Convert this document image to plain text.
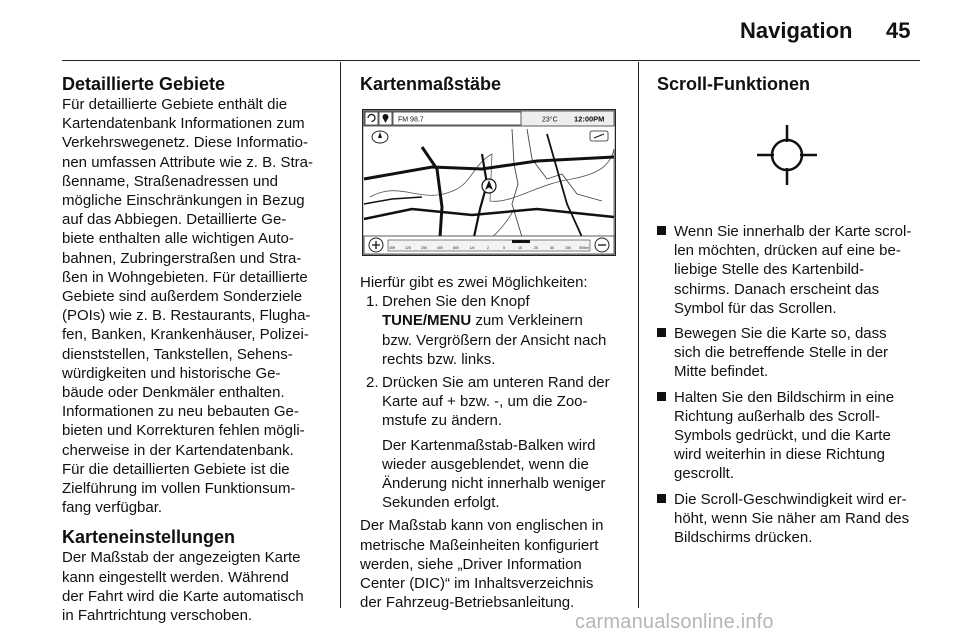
Navigation 45
Detaillierte Gebiete
Für detaillierte Gebiete enthält die
Kartendatenbank Informationen zum
Verkehrswegenetz. Diese Informatio-
nen umfassen Attribute wie z. B. Stra-
ßenname, Straßenadressen und
mögliche Einschränkungen in Bezug
auf das Abbiegen. Detaillierte Ge-
biete enthalten alle wichtigen Auto-
bahnen, Zubringerstraßen und Stra-
ßen in Wohngebieten. Für detaillierte
Gebiete sind außerdem Sonderziele
(POIs) wie z. B. Restaurants, Flugha-
fen, Banken, Krankenhäuser, Polizei-
dienststellen, Tankstellen, Sehens-
würdigkeiten und historische Ge-
bäude oder Denkmäler enthalten.
Informationen zu neu bebauten Ge-
bieten und Korrekturen fehlen mögli-
cherweise in der Kartendatenbank.
Für die detaillierten Gebiete ist die
Zielführung im vollen Funktionsum-
fang verfügbar.
Karteneinstellungen
Der Maßstab der angezeigten Karte
kann eingestellt werden. Während
der Fahrt wird die Karte automatisch
in Fahrtrichtung verschoben.
Kartenmaßstäbe
FM 98.7	23°C 12:00PM
40ft	125	250	400	800	1/4	2	5	15	25	50	150 500mi

Hierfür gibt es zwei Möglichkeiten:

1. Drehen Sie den Knopf
TUNE/MENU zum Verkleinern
bzw. Vergrößern der Ansicht nach
rechts bzw. links.
2. Drücken Sie am unteren Rand der
Karte auf + bzw. -, um die Zoo-
mstufe zu ändern.
Der Kartenmaßstab-Balken wird
wieder ausgeblendet, wenn die
Änderung nicht innerhalb weniger
Sekunden erfolgt.
Der Maßstab kann von englischen in
metrische Maßeinheiten konfiguriert
werden, siehe „Driver Information
Center (DIC)“ im Inhaltsverzeichnis
der Fahrzeug-Betriebsanleitung.
Scroll-Funktionen
Wenn Sie innerhalb der Karte scrol-
len möchten, drücken auf eine be-
liebige Stelle des Kartenbild-
schirms. Danach erscheint das
Symbol für das Scrollen.
Bewegen Sie die Karte so, dass
sich die betreffende Stelle in der
Mitte befindet.
Halten Sie den Bildschirm in eine
Richtung außerhalb des Scroll-
Symbols gedrückt, und die Karte
wird weiterhin in diese Richtung
gescrollt.
Die Scroll-Geschwindigkeit wird er-
höht, wenn Sie näher am Rand des
Bildschirms drücken.
carmanualsonline.info
